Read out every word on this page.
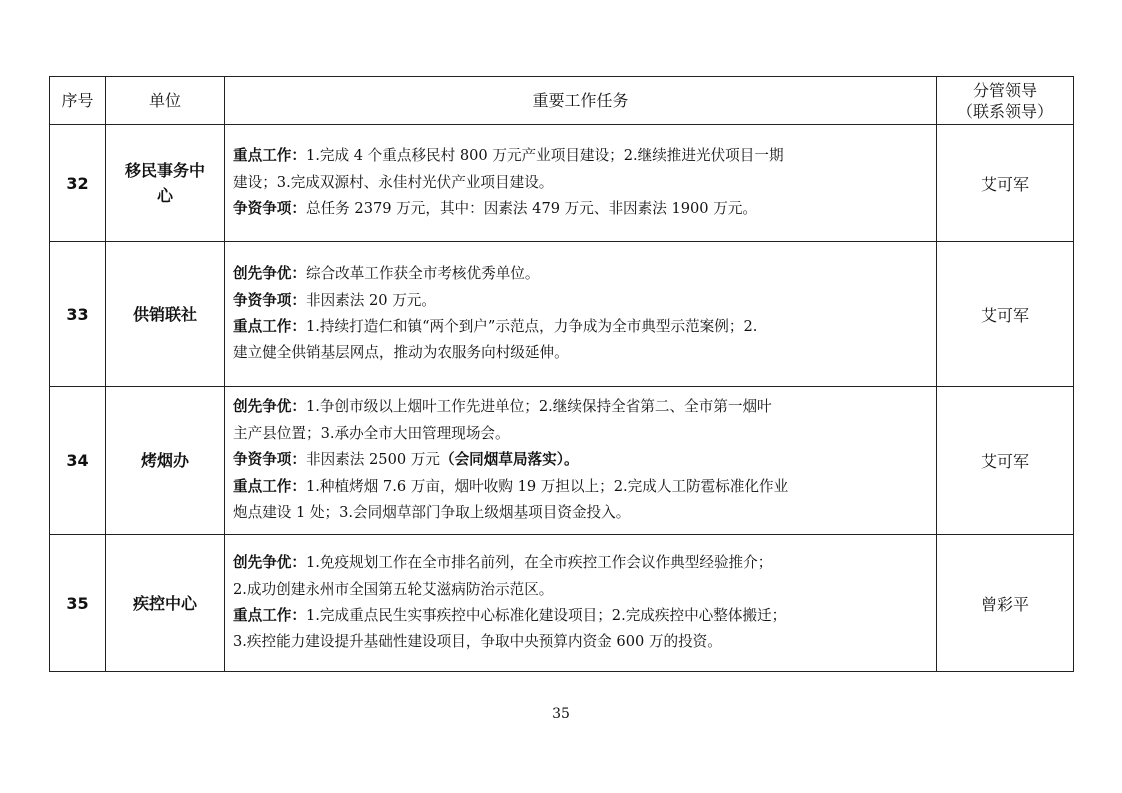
序号	单位	重要工作任务	分管领导
（联系领导）

32	移民事务中心	重点工作：1.完成 4 个重点移民村 800 万元产业项目建设；2.继续推进光伏项目一期
建设；3.完成双源村、永佳村光伏产业项目建设。
争资争项：总任务 2379 万元，其中：因素法 479 万元、非因素法 1900 万元。	艾可军
33	供销联社	创先争优：综合改革工作获全市考核优秀单位。
争资争项：非因素法 20 万元。
重点工作：1.持续打造仁和镇“两个到户”示范点，力争成为全市典型示范案例；2.
建立健全供销基层网点，推动为农服务向村级延伸。	艾可军
34	烤烟办	创先争优：1.争创市级以上烟叶工作先进单位；2.继续保持全省第二、全市第一烟叶
主产县位置；3.承办全市大田管理现场会。
争资争项：非因素法 2500 万元（会同烟草局落实）。
重点工作：1.种植烤烟 7.6 万亩，烟叶收购 19 万担以上；2.完成人工防雹标准化作业
炮点建设 1 处；3.会同烟草部门争取上级烟基项目资金投入。	艾可军
35	疾控中心	创先争优：1.免疫规划工作在全市排名前列，在全市疾控工作会议作典型经验推介；
2.成功创建永州市全国第五轮艾滋病防治示范区。
重点工作：1.完成重点民生实事疾控中心标准化建设项目；2.完成疾控中心整体搬迁；
3.疾控能力建设提升基础性建设项目，争取中央预算内资金 600 万的投资。	曾彩平
35
